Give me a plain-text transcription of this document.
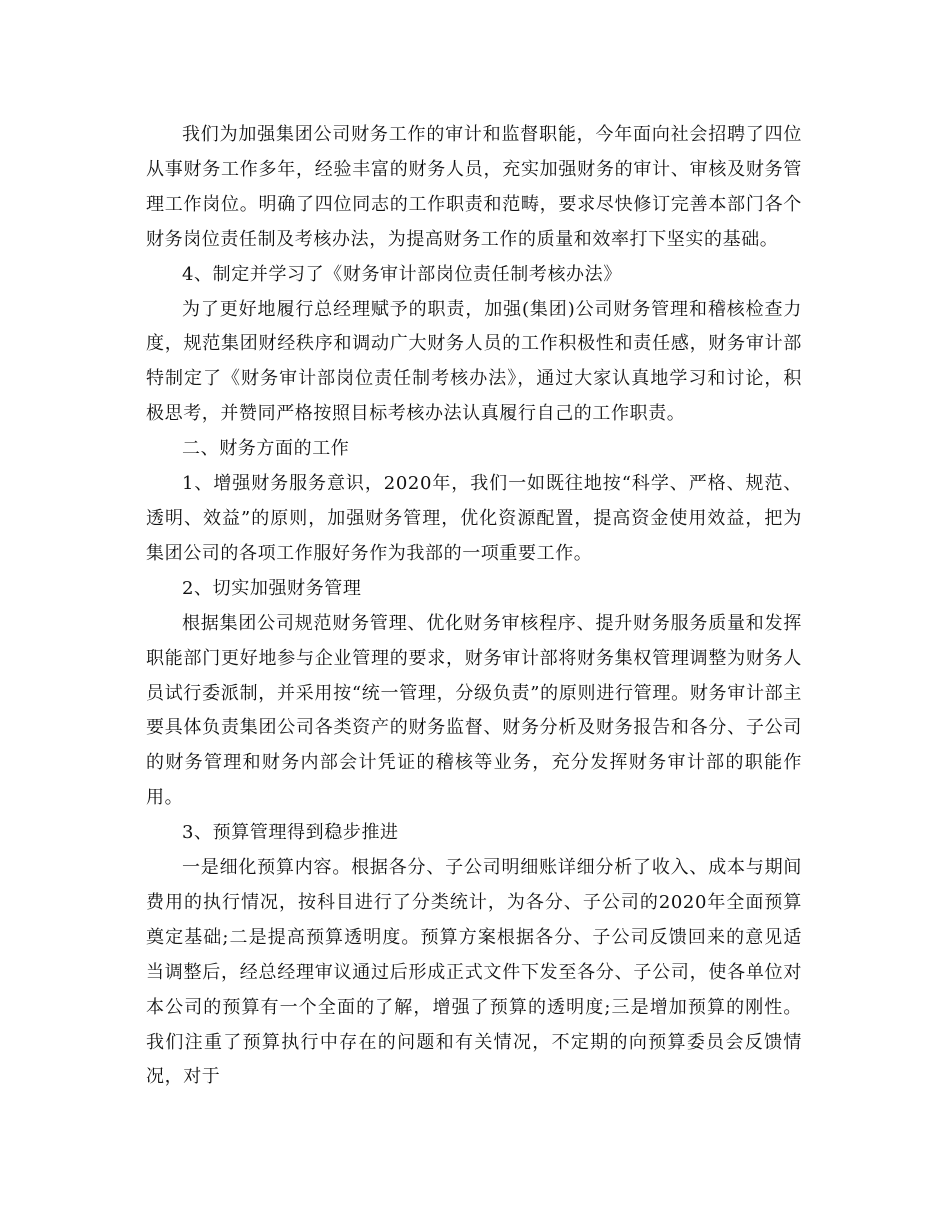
我们为加强集团公司财务工作的审计和监督职能，今年面向社会招聘了四位从事财务工作多年，经验丰富的财务人员，充实加强财务的审计、审核及财务管理工作岗位。明确了四位同志的工作职责和范畴，要求尽快修订完善本部门各个财务岗位责任制及考核办法，为提高财务工作的质量和效率打下坚实的基础。

4、制定并学习了《财务审计部岗位责任制考核办法》

为了更好地履行总经理赋予的职责，加强(集团)公司财务管理和稽核检查力度，规范集团财经秩序和调动广大财务人员的工作积极性和责任感，财务审计部特制定了《财务审计部岗位责任制考核办法》，通过大家认真地学习和讨论，积极思考，并赞同严格按照目标考核办法认真履行自己的工作职责。

二、财务方面的工作

1、增强财务服务意识，2020年，我们一如既往地按“科学、严格、规范、透明、效益”的原则，加强财务管理，优化资源配置，提高资金使用效益，把为集团公司的各项工作服好务作为我部的一项重要工作。

2、切实加强财务管理

根据集团公司规范财务管理、优化财务审核程序、提升财务服务质量和发挥职能部门更好地参与企业管理的要求，财务审计部将财务集权管理调整为财务人员试行委派制，并采用按“统一管理，分级负责”的原则进行管理。财务审计部主要具体负责集团公司各类资产的财务监督、财务分析及财务报告和各分、子公司的财务管理和财务内部会计凭证的稽核等业务，充分发挥财务审计部的职能作用。

3、预算管理得到稳步推进

一是细化预算内容。根据各分、子公司明细账详细分析了收入、成本与期间费用的执行情况，按科目进行了分类统计，为各分、子公司的2020年全面预算奠定基础;二是提高预算透明度。预算方案根据各分、子公司反馈回来的意见适当调整后，经总经理审议通过后形成正式文件下发至各分、子公司，使各单位对本公司的预算有一个全面的了解，增强了预算的透明度;三是增加预算的刚性。我们注重了预算执行中存在的问题和有关情况，不定期的向预算委员会反馈情况，对于
